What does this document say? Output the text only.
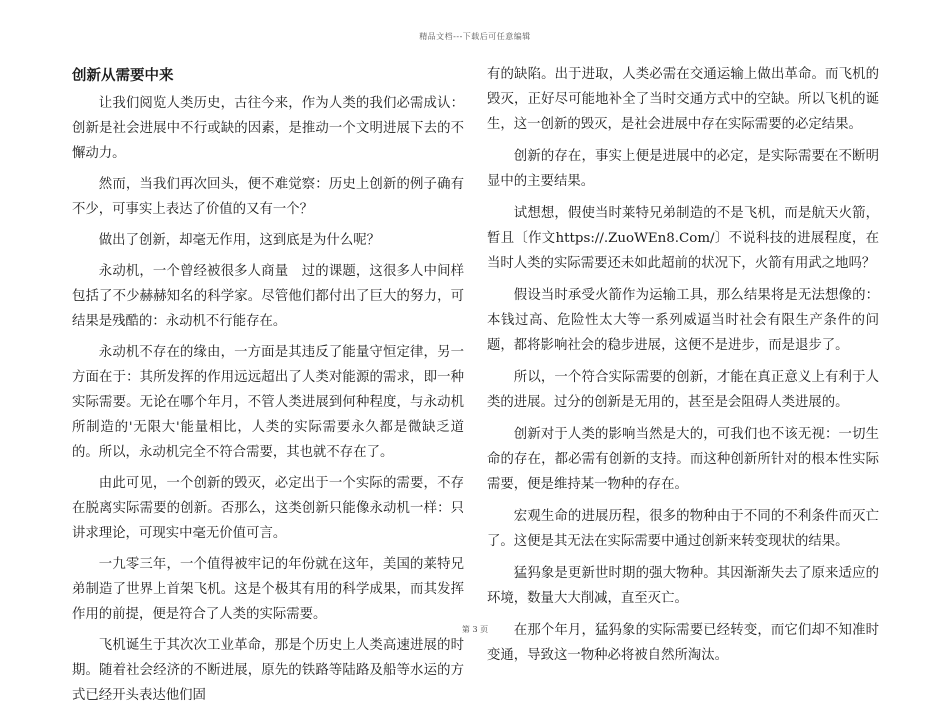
精品文档---下载后可任意编辑
创新从需要中来

让我们阅览人类历史，古往今来，作为人类的我们必需成认：创新是社会进展中不行或缺的因素，是推动一个文明进展下去的不懈动力。

然而，当我们再次回头，便不难觉察：历史上创新的例子确有不少，可事实上表达了价值的又有一个？

做出了创新，却毫无作用，这到底是为什么呢？

永动机，一个曾经被很多人商量　过的课题，这很多人中间样包括了不少赫赫知名的科学家。尽管他们都付出了巨大的努力，可结果是残酷的：永动机不行能存在。

永动机不存在的缘由，一方面是其违反了能量守恒定律，另一方面在于：其所发挥的作用远远超出了人类对能源的需求，即一种实际需要。无论在哪个年月，不管人类进展到何种程度，与永动机所制造的'无限大'能量相比，人类的实际需要永久都是微缺乏道的。所以，永动机完全不符合需要，其也就不存在了。

由此可见，一个创新的毁灭，必定出于一个实际的需要，不存在脱离实际需要的创新。否那么，这类创新只能像永动机一样：只讲求理论，可现实中毫无价值可言。

一九零三年，一个值得被牢记的年份就在这年，美国的莱特兄弟制造了世界上首架飞机。这是个极其有用的科学成果，而其发挥作用的前提，便是符合了人类的实际需要。

飞机诞生于其次次工业革命，那是个历史上人类高速进展的时期。随着社会经济的不断进展，原先的铁路等陆路及船等水运的方式已经开头表达他们固

有的缺陷。出于进取，人类必需在交通运输上做出革命。而飞机的毁灭，正好尽可能地补全了当时交通方式中的空缺。所以飞机的诞生，这一创新的毁灭，是社会进展中存在实际需要的必定结果。

创新的存在，事实上便是进展中的必定，是实际需要在不断明显中的主要结果。

试想想，假使当时莱特兄弟制造的不是飞机，而是航天火箭，暂且〔作文https://.ZuoWEn8.Com/〕不说科技的进展程度，在当时人类的实际需要还未如此超前的状况下，火箭有用武之地吗？

假设当时承受火箭作为运输工具，那么结果将是无法想像的：本钱过高、危险性太大等一系列威逼当时社会有限生产条件的问题，都将影响社会的稳步进展，这便不是进步，而是退步了。

所以，一个符合实际需要的创新，才能在真正意义上有利于人类的进展。过分的创新是无用的，甚至是会阻碍人类进展的。

创新对于人类的影响当然是大的，可我们也不该无视：一切生命的存在，都必需有创新的支持。而这种创新所针对的根本性实际需要，便是维持某一物种的存在。

宏观生命的进展历程，很多的物种由于不同的不利条件而灭亡了。这便是其无法在实际需要中通过创新来转变现状的结果。

猛犸象是更新世时期的强大物种。其因渐渐失去了原来适应的环境，数量大大削减，直至灭亡。

在那个年月，猛犸象的实际需要已经转变，而它们却不知准时变通，导致这一物种必将被自然所淘汰。

第 3 页
